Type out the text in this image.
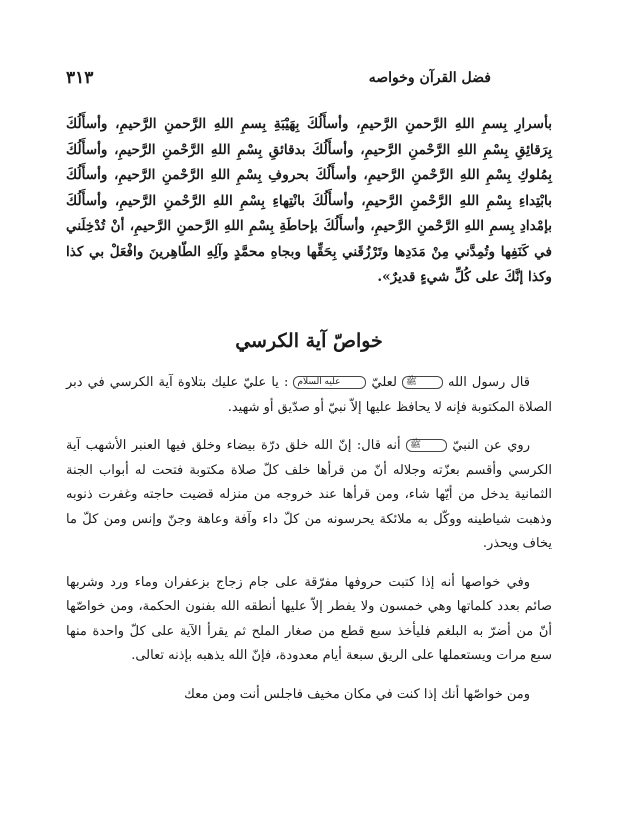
فضل القرآن وخواصه
٣١٣

بأسرارِ بِسمِ اللهِ الرَّحمنِ الرَّحيمِ، وأسأَلُكَ بِهَيْبَةِ بِسمِ اللهِ الرَّحمنِ الرَّحيمِ، وأسأَلُكَ بِرَقائِقِ بِسْمِ اللهِ الرَّحْمنِ الرَّحيمِ، وأسأَلُكَ بدقائقِ بِسْمِ اللهِ الرَّحْمنِ الرَّحيمِ، وأسأَلُكَ بِمُلوكِ بِسْمِ اللهِ الرَّحْمنِ الرَّحيمِ، وأسأَلُكَ بحروفِ بِسْمِ اللهِ الرَّحْمنِ الرَّحيمِ، وأسأَلُكَ بابْتِداءِ بِسْمِ اللهِ الرَّحْمنِ الرَّحيمِ، وأسأَلُكَ بانْتِهاءِ بِسْمِ اللهِ الرَّحْمنِ الرَّحيمِ، وأسأَلُكَ بإمْدادِ بِسمِ اللهِ الرَّحْمنِ الرَّحيمِ، وأسأَلُكَ بإحاطَةِ بِسْمِ اللهِ الرَّحمنِ الرَّحيمِ، أنْ تُدْخِلَني في كَنَفِها وتُمِدَّني مِنْ مَدَدِها وتَرْزُقَني بِحَقِّها وبجاهِ محمَّدٍ وآلِهِ الطّاهِرينَ وافْعَلْ بي كذا وكذا إنَّكَ على كُلِّ شيءٍ قديرٌ».

خواصّ آية الكرسي

قال رسول الله ﷺ لعليّ عليه السلام : يا عليّ عليك بتلاوة آية الكرسي في دبر الصلاة المكتوبة فإنه لا يحافظ عليها إلاّ نبيّ أو صدّيق أو شهيد.

روي عن النبيّ ﷺ أنه قال: إنّ الله خلق درّة بيضاء وخلق فيها العنبر الأشهب آية الكرسي وأقسم بعزّته وجلاله أنّ من قرأها خلف كلّ صلاة مكتوبة فتحت له أبواب الجنة الثمانية يدخل من أيّها شاء، ومن قرأها عند خروجه من منزله قضيت حاجته وغفرت ذنوبه وذهبت شياطينه ووكّل به ملائكة يحرسونه من كلّ داء وآفة وعاهة وجنّ وإنس ومن كلّ ما يخاف ويحذر.

وفي خواصها أنه إذا كتبت حروفها مفرّقة على جام زجاج بزعفران وماء ورد وشربها صائم بعدد كلماتها وهي خمسون ولا يفطر إلاّ عليها أنطقه الله بفنون الحكمة، ومن خواصّها أنّ من أضرّ به البلغم فليأخذ سبع قطع من صغار الملح ثم يقرأ الآية على كلّ واحدة منها سبع مرات ويستعملها على الريق سبعة أيام معدودة، فإنّ الله يذهبه بإذنه تعالى.

ومن خواصّها أنك إذا كنت في مكان مخيف فاجلس أنت ومن معك
